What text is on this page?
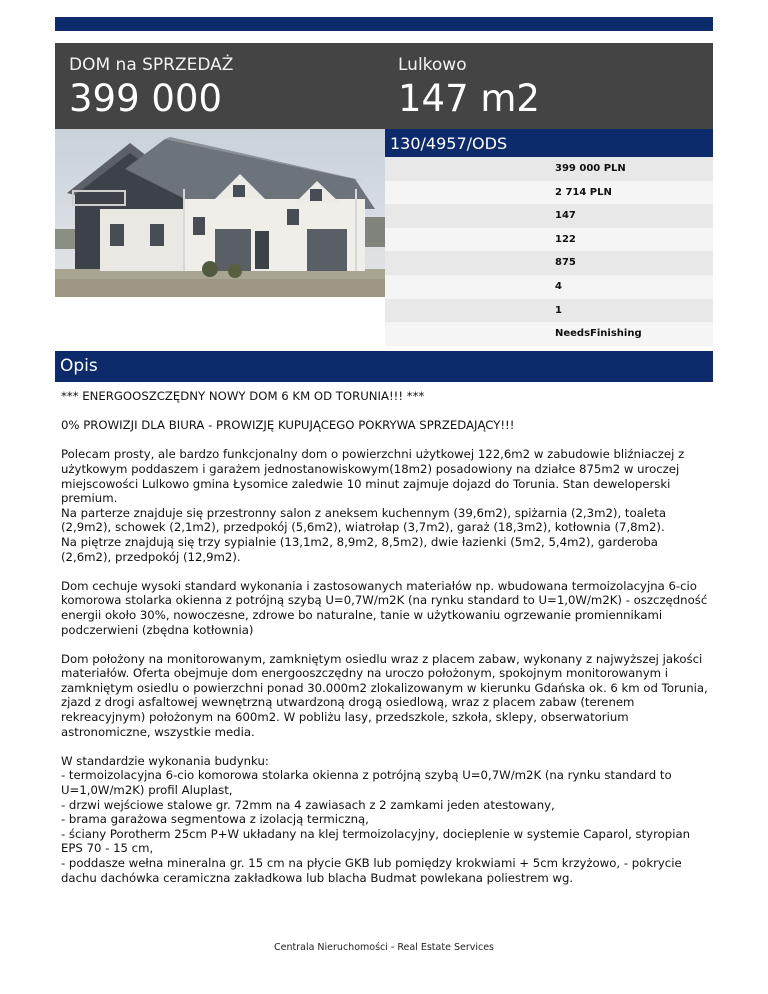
DOM na SPRZEDAŻ
399 000
Lulkowo
147 m2
130/4957/ODS
399 000 PLN
2 714 PLN
147
122
875
4
1
NeedsFinishing
Opis

*** ENERGOOSZCZĘDNY NOWY DOM 6 KM OD TORUNIA!!! ***

0% PROWIZJI DLA BIURA - PROWIZJĘ KUPUJĄCEGO POKRYWA SPRZEDAJĄCY!!!

Polecam prosty, ale bardzo funkcjonalny dom o powierzchni użytkowej 122,6m2 w zabudowie bliźniaczej z użytkowym poddaszem i garażem jednostanowiskowym(18m2) posadowiony na działce 875m2 w uroczej miejscowości Lulkowo gmina Łysomice zaledwie 10 minut zajmuje dojazd do Torunia. Stan deweloperski premium.
Na parterze znajduje się przestronny salon z aneksem kuchennym (39,6m2), spiżarnia (2,3m2), toaleta (2,9m2), schowek (2,1m2), przedpokój (5,6m2), wiatrołap (3,7m2), garaż (18,3m2), kotłownia (7,8m2).
Na piętrze znajdują się trzy sypialnie (13,1m2, 8,9m2, 8,5m2), dwie łazienki (5m2, 5,4m2), garderoba (2,6m2), przedpokój (12,9m2).

Dom cechuje wysoki standard wykonania i zastosowanych materiałów np. wbudowana termoizolacyjna 6-cio komorowa stolarka okienna z potrójną szybą U=0,7W/m2K (na rynku standard to U=1,0W/m2K) - oszczędność energii około 30%, nowoczesne, zdrowe bo naturalne, tanie w użytkowaniu ogrzewanie promiennikami podczerwieni (zbędna kotłownia)

Dom położony na monitorowanym, zamkniętym osiedlu wraz z placem zabaw, wykonany z najwyższej jakości materiałów. Oferta obejmuje dom energooszczędny na uroczo położonym, spokojnym monitorowanym i zamkniętym osiedlu o powierzchni ponad 30.000m2 zlokalizowanym w kierunku Gdańska ok. 6 km od Torunia, zjazd z drogi asfaltowej wewnętrzną utwardzoną drogą osiedlową, wraz z placem zabaw (terenem rekreacyjnym) położonym na 600m2. W pobliżu lasy, przedszkole, szkoła, sklepy, obserwatorium astronomiczne, wszystkie media.

W standardzie wykonania budynku:
- termoizolacyjna 6-cio komorowa stolarka okienna z potrójną szybą U=0,7W/m2K (na rynku standard to U=1,0W/m2K) profil Aluplast,
- drzwi wejściowe stalowe gr. 72mm na 4 zawiasach z 2 zamkami jeden atestowany,
- brama garażowa segmentowa z izolacją termiczną,
- ściany Porotherm 25cm P+W układany na klej termoizolacyjny, docieplenie w systemie Caparol, styropian EPS 70 - 15 cm,
- poddasze wełna mineralna gr. 15 cm na płycie GKB lub pomiędzy krokwiami + 5cm krzyżowo, - pokrycie dachu dachówka ceramiczna zakładkowa lub blacha Budmat powlekana poliestrem wg.

Centrala Nieruchomości - Real Estate Services
